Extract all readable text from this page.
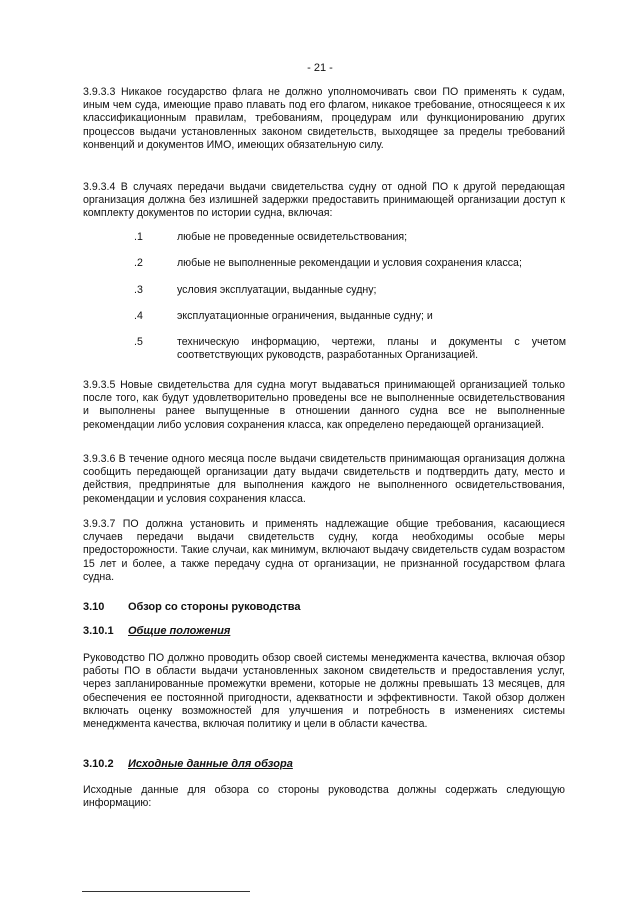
- 21 -

3.9.3.3 Никакое государство флага не должно уполномочивать свои ПО применять к судам, иным чем суда, имеющие право плавать под его флагом, никакое требование, относящееся к их классификационным правилам, требованиям, процедурам или функционированию других процессов выдачи установленных законом свидетельств, выходящее за пределы требований конвенций и документов ИМО, имеющих обязательную силу.

3.9.3.4 В случаях передачи выдачи свидетельства судну от одной ПО к другой передающая организация должна без излишней задержки предоставить принимающей организации доступ к комплекту документов по истории судна, включая:

.1	любые не проведенные освидетельствования;
.2	любые не выполненные рекомендации и условия сохранения класса;
.3	условия эксплуатации, выданные судну;
.4	эксплуатационные ограничения, выданные судну; и
.5	техническую информацию, чертежи, планы и документы с учетом соответствующих руководств, разработанных Организацией.

3.9.3.5 Новые свидетельства для судна могут выдаваться принимающей организацией только после того, как будут удовлетворительно проведены все не выполненные освидетельствования и выполнены ранее выпущенные в отношении данного судна все не выполненные рекомендации либо условия сохранения класса, как определено передающей организацией.

3.9.3.6 В течение одного месяца после выдачи свидетельств принимающая организация должна сообщить передающей организации дату выдачи свидетельств и подтвердить дату, место и действия, предпринятые для выполнения каждого не выполненного освидетельствования, рекомендации и условия сохранения класса.

3.9.3.7 ПО должна установить и применять надлежащие общие требования, касающиеся случаев передачи выдачи свидетельств судну, когда необходимы особые меры предосторожности. Такие случаи, как минимум, включают выдачу свидетельств судам возрастом 15 лет и более, а также передачу судна от организации, не признанной государством флага судна.

3.10 Обзор со стороны руководства
3.10.1 Общие положения

Руководство ПО должно проводить обзор своей системы менеджмента качества, включая обзор работы ПО в области выдачи установленных законом свидетельств и предоставления услуг, через запланированные промежутки времени, которые не должны превышать 13 месяцев, для обеспечения ее постоянной пригодности, адекватности и эффективности. Такой обзор должен включать оценку возможностей для улучшения и потребность в изменениях системы менеджмента качества, включая политику и цели в области качества.

3.10.2 Исходные данные для обзора

Исходные данные для обзора со стороны руководства должны содержать следующую информацию:
